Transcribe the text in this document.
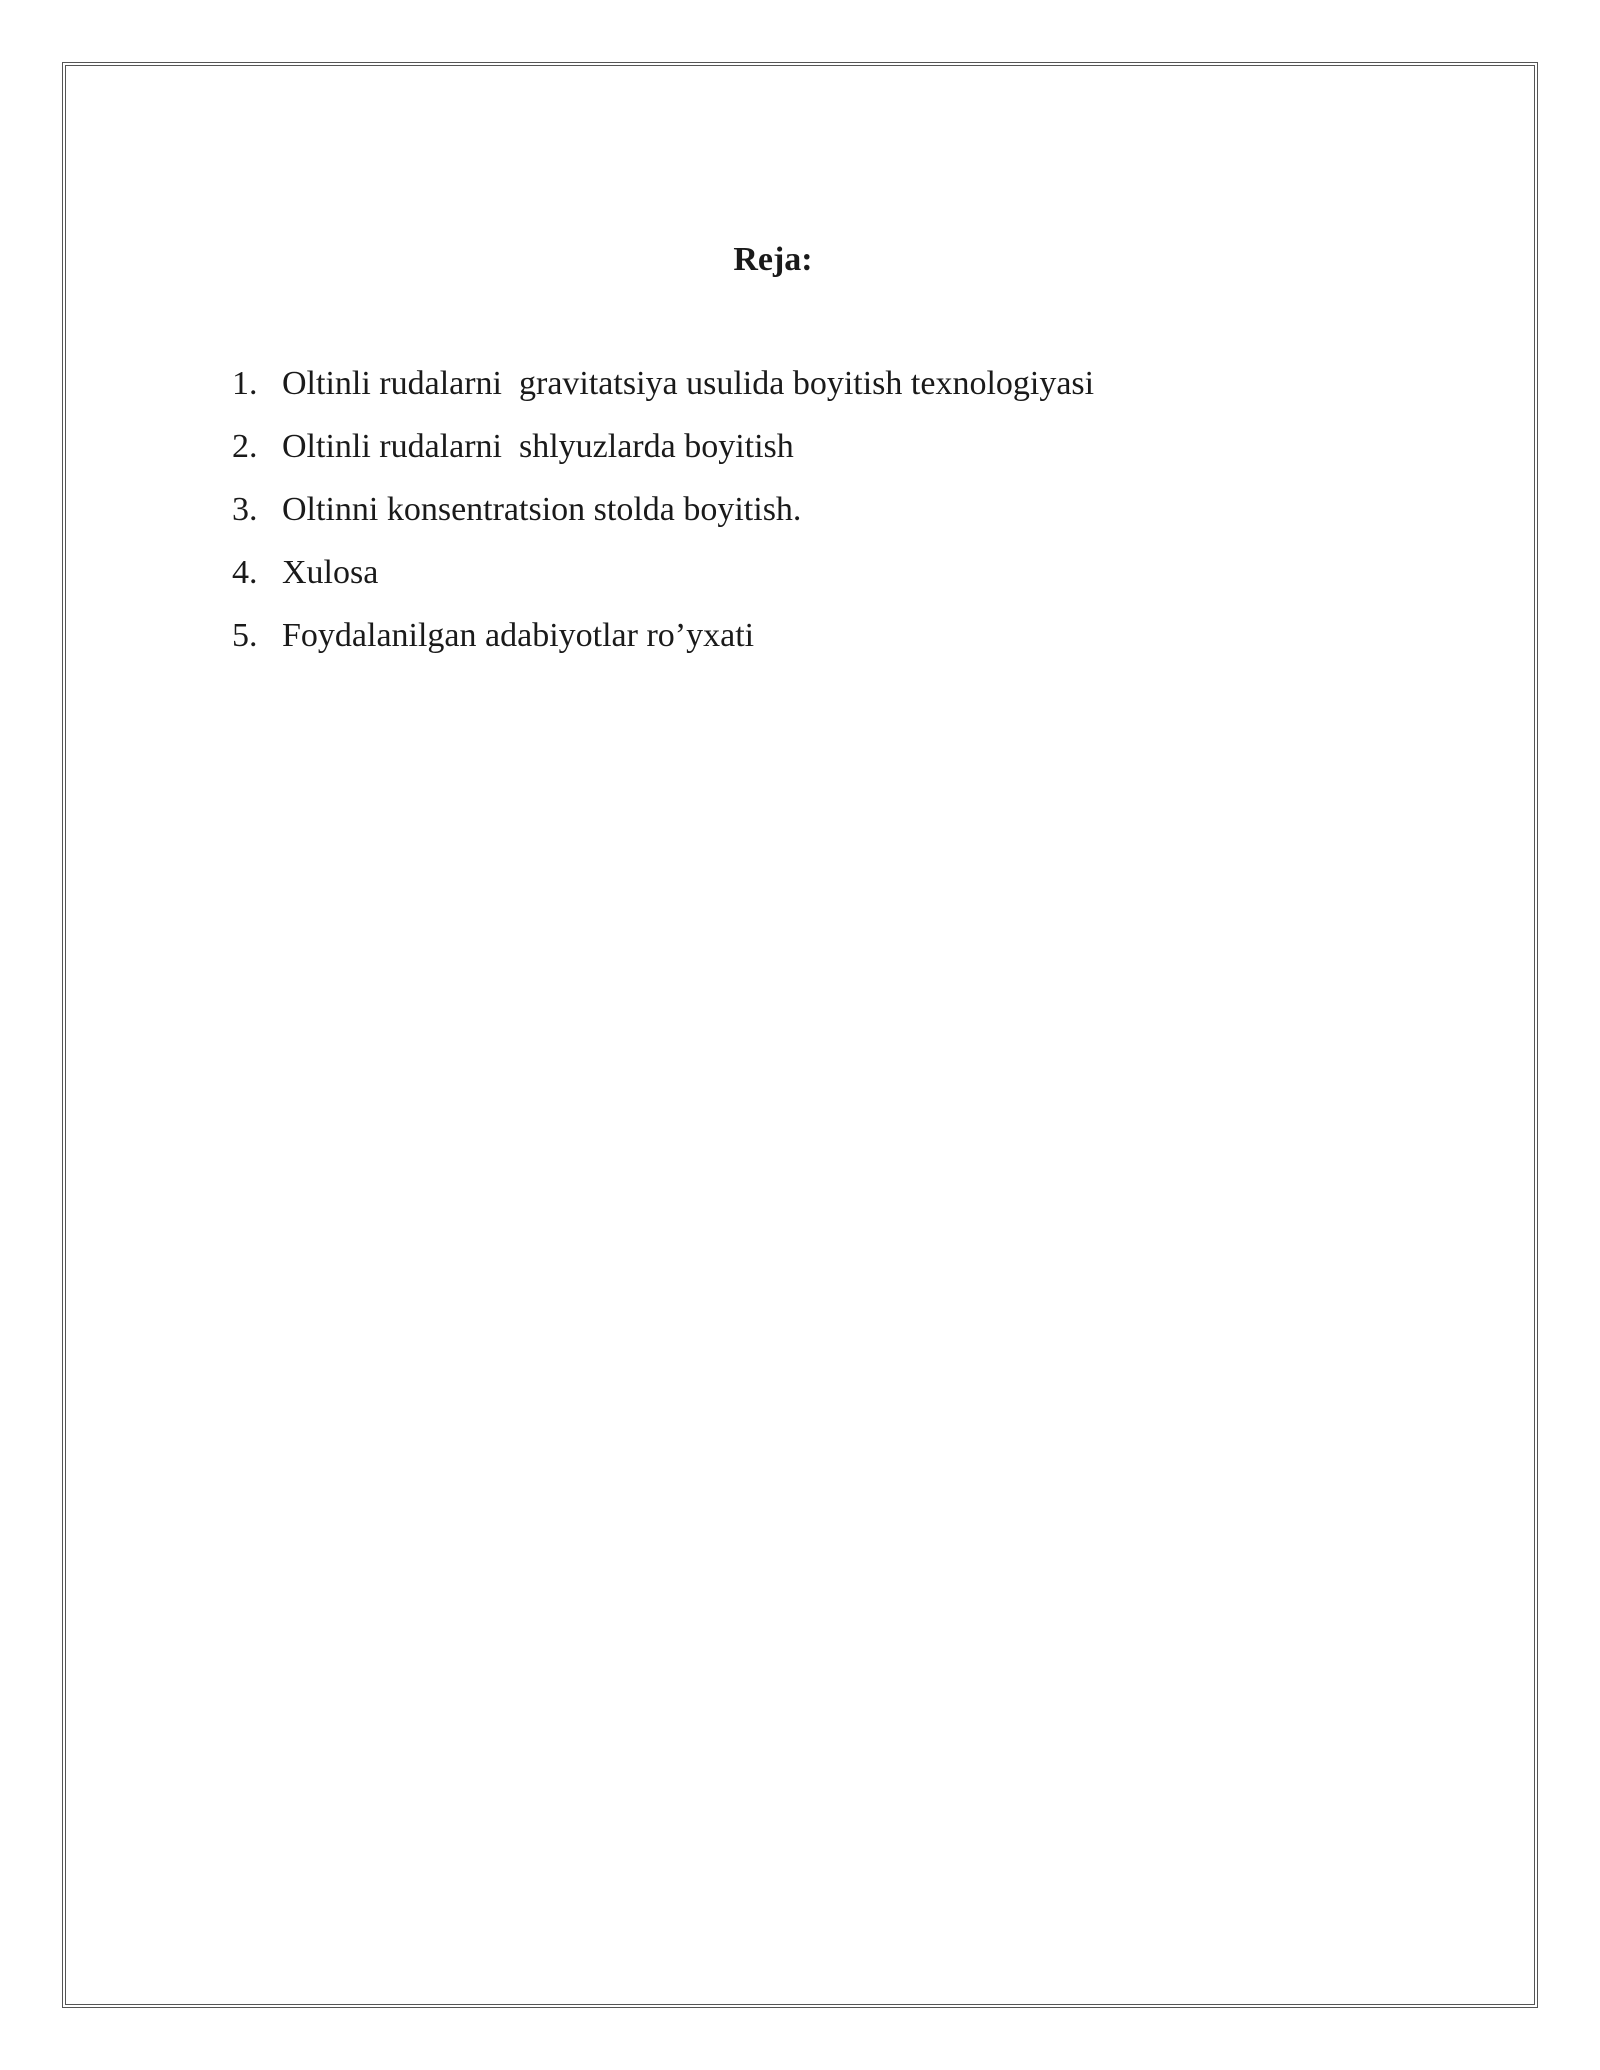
Reja:
1. Oltinli rudalarni  gravitatsiya usulida boyitish texnologiyasi
2. Oltinli rudalarni  shlyuzlarda boyitish
3. Oltinni konsentratsion stolda boyitish.
4. Xulosa
5. Foydalanilgan adabiyotlar ro’yxati
